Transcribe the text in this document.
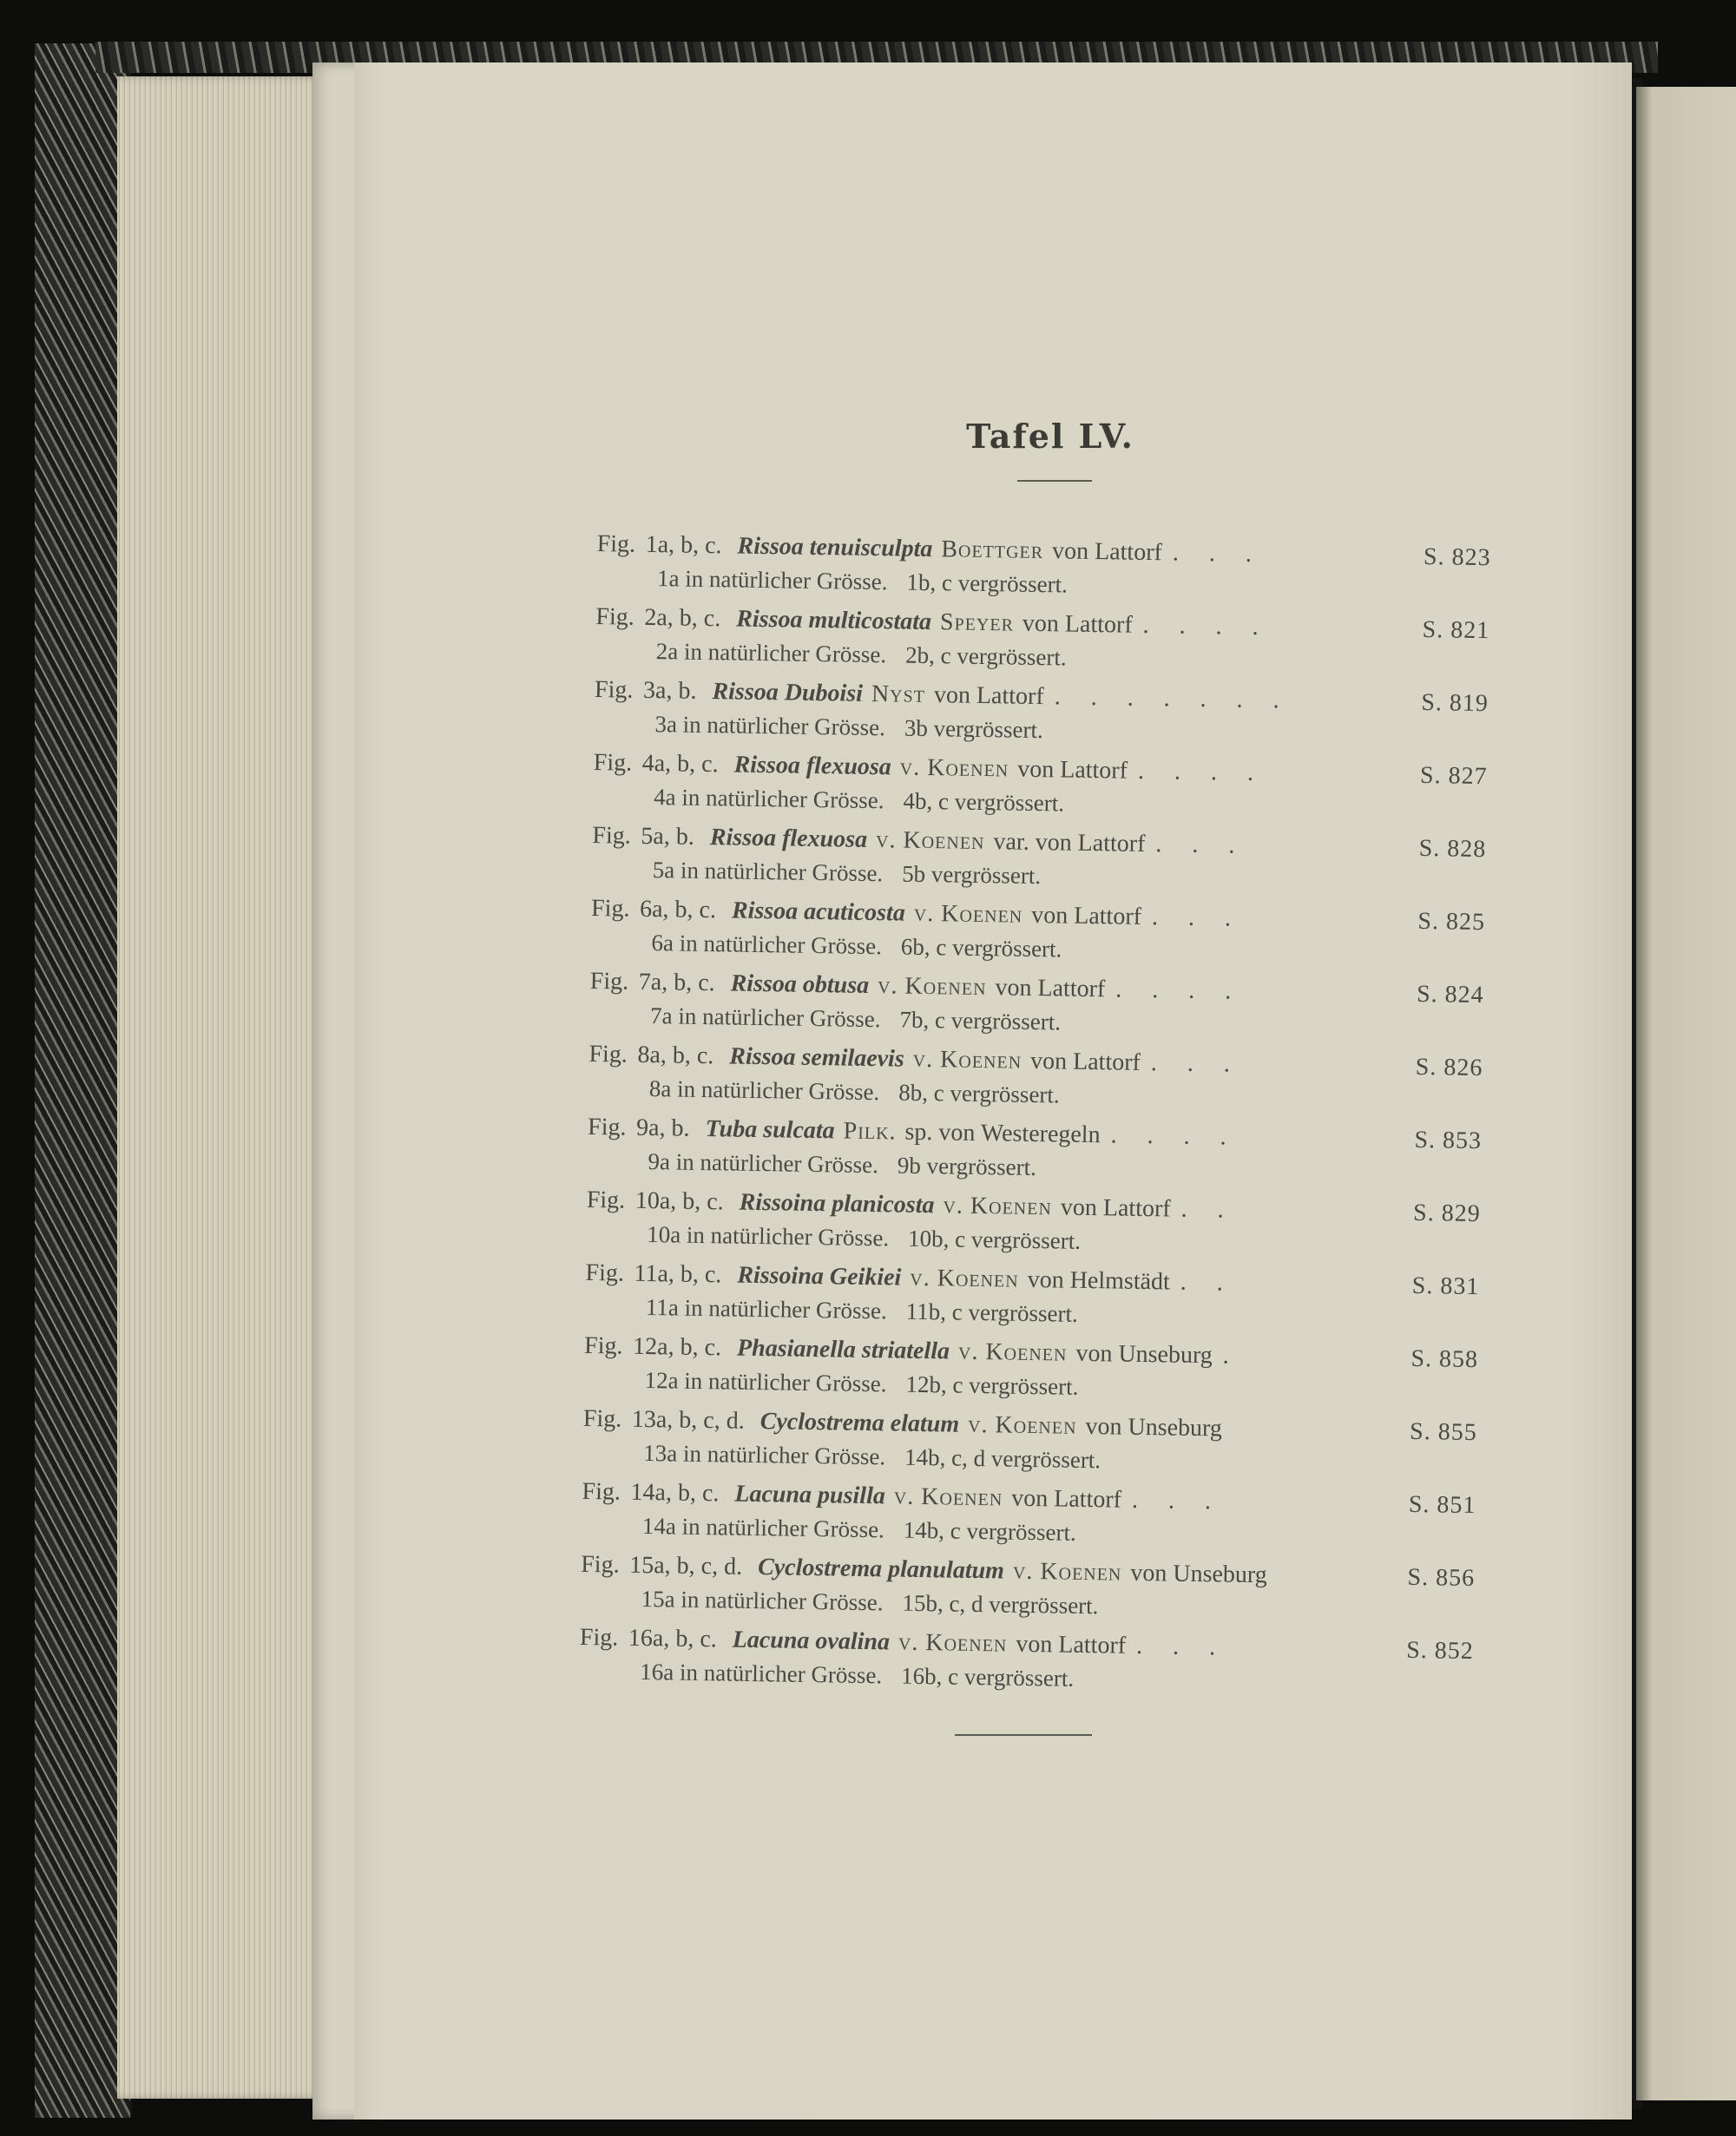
Tafel LV.
Fig. 1a, b, c. Rissoa tenuisculpta Boettger von Lattorf . . .	S. 823
1a in natürlicher Grösse. 1b, c vergrössert.
Fig. 2a, b, c. Rissoa multicostata Speyer von Lattorf . . . .	S. 821
2a in natürlicher Grösse. 2b, c vergrössert.
Fig. 3a, b. Rissoa Duboisi Nyst von Lattorf . . . . . . .	S. 819
3a in natürlicher Grösse. 3b vergrössert.
Fig. 4a, b, c. Rissoa flexuosa v. Koenen von Lattorf . . . .	S. 827
4a in natürlicher Grösse. 4b, c vergrössert.
Fig. 5a, b. Rissoa flexuosa v. Koenen var. von Lattorf . . .	S. 828
5a in natürlicher Grösse. 5b vergrössert.
Fig. 6a, b, c. Rissoa acuticosta v. Koenen von Lattorf . . .	S. 825
6a in natürlicher Grösse. 6b, c vergrössert.
Fig. 7a, b, c. Rissoa obtusa v. Koenen von Lattorf . . . .	S. 824
7a in natürlicher Grösse. 7b, c vergrössert.
Fig. 8a, b, c. Rissoa semilaevis v. Koenen von Lattorf . . .	S. 826
8a in natürlicher Grösse. 8b, c vergrössert.
Fig. 9a, b. Tuba sulcata Pilk. sp. von Westeregeln . . . .	S. 853
9a in natürlicher Grösse. 9b vergrössert.
Fig. 10a, b, c. Rissoina planicosta v. Koenen von Lattorf . .	S. 829
10a in natürlicher Grösse. 10b, c vergrössert.
Fig. 11a, b, c. Rissoina Geikiei v. Koenen von Helmstädt . .	S. 831
11a in natürlicher Grösse. 11b, c vergrössert.
Fig. 12a, b, c. Phasianella striatella v. Koenen von Unseburg .	S. 858
12a in natürlicher Grösse. 12b, c vergrössert.
Fig. 13a, b, c, d. Cyclostrema elatum v. Koenen von Unseburg	S. 855
13a in natürlicher Grösse. 14b, c, d vergrössert.
Fig. 14a, b, c. Lacuna pusilla v. Koenen von Lattorf . . .	S. 851
14a in natürlicher Grösse. 14b, c vergrössert.
Fig. 15a, b, c, d. Cyclostrema planulatum v. Koenen von Unseburg	S. 856
15a in natürlicher Grösse. 15b, c, d vergrössert.
Fig. 16a, b, c. Lacuna ovalina v. Koenen von Lattorf . . .	S. 852
16a in natürlicher Grösse. 16b, c vergrössert.
